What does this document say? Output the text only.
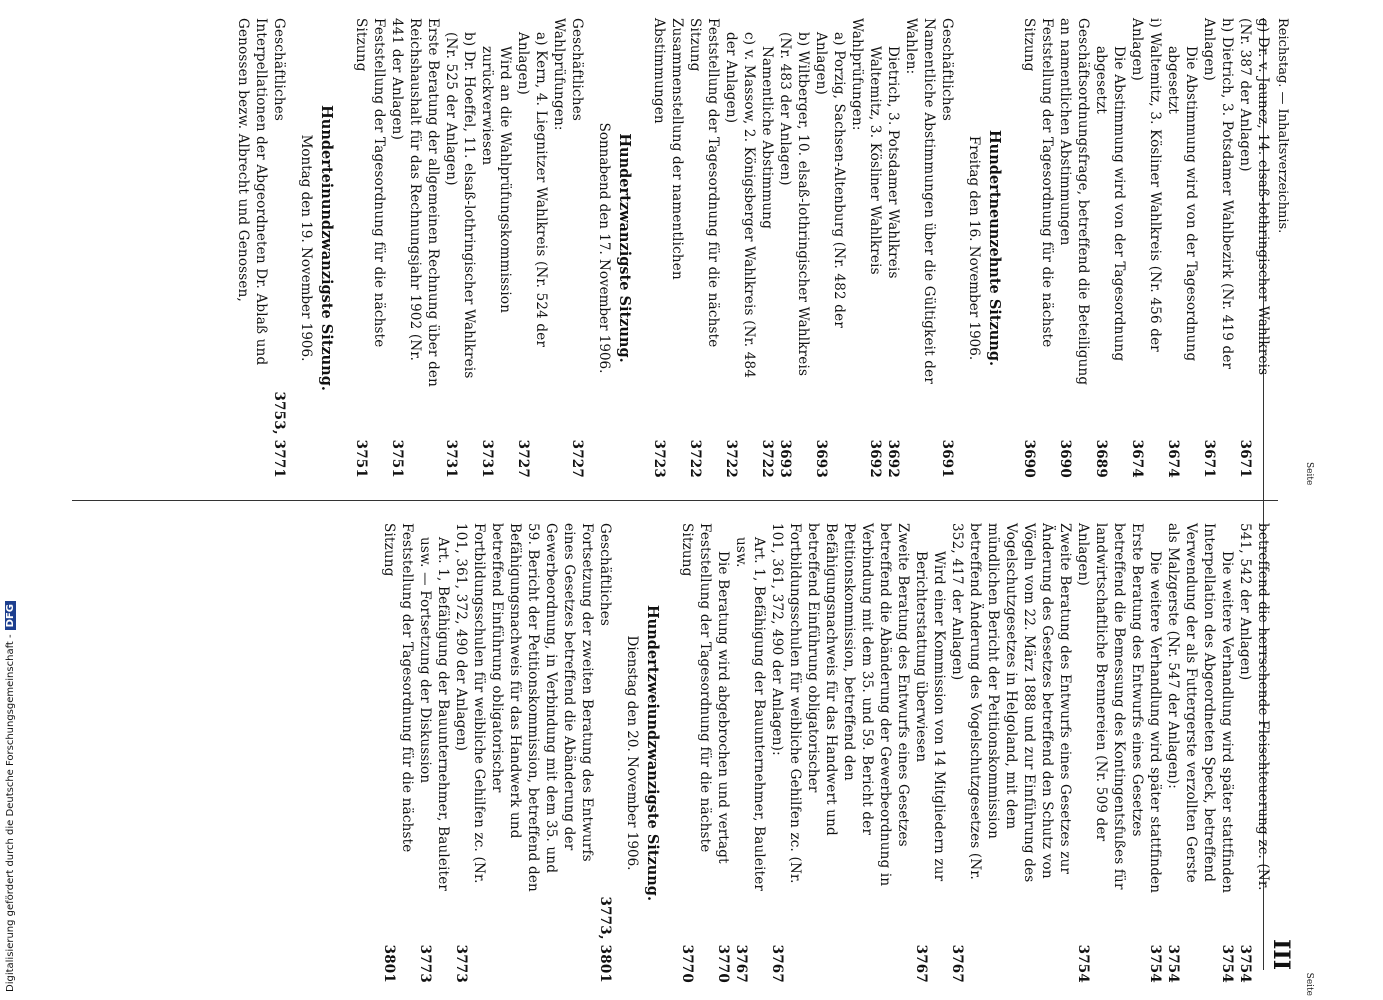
Reichstag. — Inhaltsverzeichnis.
III
Seite
Seite
g) Dr. v. Jaunez, 14. elsaß-lothringischer Wahlkreis (Nr. 387 der Anlagen)
3671
h) Dietrich, 3. Potsdamer Wahlbezirk (Nr. 419 der Anlagen)
3671
Die Abstimmung wird von der Tagesordnung abgesetzt
3674
i) Waltemitz, 3. Kösliner Wahlkreis (Nr. 456 der Anlagen)
3674
Die Abstimmung wird von der Tagesordnung abgesetzt
3689
Geschäftsordnungsfrage, betreffend die Beteiligung an namentlichen Abstimmungen
3690
Feststellung der Tagesordnung für die nächste Sitzung
3690
Hundertneunzehnte Sitzung.
Freitag den 16. November 1906.
Geschäftliches
3691
Namentliche Abstimmungen über die Gültigkeit der Wahlen:
Dietrich, 3. Potsdamer Wahlkreis
3692
Waltemitz, 3. Kösliner Wahlkreis
3692
Wahlprüfungen:
a) Porzig, Sachsen-Altenburg (Nr. 482 der Anlagen)
3693
b) Wiltberger, 10. elsaß-lothringischer Wahlkreis (Nr. 483 der Anlagen)
3693
Namentliche Abstimmung
3722
c) v. Massow, 2. Königsberger Wahlkreis (Nr. 484 der Anlagen)
3722
Feststellung der Tagesordnung für die nächste Sitzung
3722
Zusammenstellung der namentlichen Abstimmungen
3723
Hundertzwanzigste Sitzung.
Sonnabend den 17. November 1906.
Geschäftliches
3727
Wahlprüfungen:
a) Kern, 4. Liegnitzer Wahlkreis (Nr. 524 der Anlagen)
3727
Wird an die Wahlprüfungskommission zurückverwiesen
3731
b) Dr. Hoeffel, 11. elsaß-lothringischer Wahlkreis (Nr. 525 der Anlagen)
3731
Erste Beratung der allgemeinen Rechnung über den Reichshaushalt für das Rechnungsjahr 1902 (Nr. 441 der Anlagen)
3751
Feststellung der Tagesordnung für die nächste Sitzung
3751
Hunderteinundzwanzigste Sitzung.
Montag den 19. November 1906.
Geschäftliches
3753, 3771
Interpellationen der Abgeordneten Dr. Ablaß und Genossen bezw. Albrecht und Genossen,
betreffend die herrschende Fleischteuerung zc. (Nr. 541, 542 der Anlagen)
3754
Die weitere Verhandlung wird später stattfinden
3754
Interpellation des Abgeordneten Speck, betreffend Verwendung der als Futtergerste verzollten Gerste als Malzgerste (Nr. 547 der Anlagen):
3754
Die weitere Verhandlung wird später stattfinden
3754
Erste Beratung des Entwurfs eines Gesetzes betreffend die Bemessung des Kontingentsfußes für landwirtschaftliche Brennereien (Nr. 509 der Anlagen)
3754
Zweite Beratung des Entwurfs eines Gesetzes zur Änderung des Gesetzes betreffend den Schutz von Vögeln vom 22. März 1888 und zur Einführung des Vogelschutzgesetzes in Helgoland, mit dem mündlichen Bericht der Petitionskommission betreffend Änderung des Vogelschutzgesetzes (Nr. 352, 417 der Anlagen)
3767
Wird einer Kommission von 14 Mitgliedern zur Berichterstattung überwiesen
3767
Zweite Beratung des Entwurfs eines Gesetzes betreffend die Abänderung der Gewerbeordnung in Verbindung mit dem 35. und 59. Bericht der Petitionskommission, betreffend den Befähigungsnachweis für das Handwert und betreffend Einführung obligatorischer Fortbildungsschulen für weibliche Gehilfen zc. (Nr. 101, 361, 372, 490 der Anlagen):
3767
Art. 1, Befähigung der Bauunternehmer, Bauleiter usw.
3767
Die Beratung wird abgebrochen und vertagt
3770
Feststellung der Tagesordnung für die nächste Sitzung
3770
Hundertzweiundzwanzigste Sitzung.
Dienstag den 20. November 1906.
Geschäftliches
3773, 3801
Fortsetzung der zweiten Beratung des Entwurfs eines Gesetzes betreffend die Abänderung der Gewerbeordnung, in Verbindung mit dem 35. und 59. Bericht der Petitionskommission, betreffend den Befähigungsnachweis für das Handwerk und betreffend Einführung obligatorischer Fortbildungsschulen für weibliche Gehilfen zc. (Nr. 101, 361, 372, 490 der Anlagen)
3773
Art. 1, Befähigung der Bauunternehmer, Bauleiter usw. — Fortsetzung der Diskussion
3773
Feststellung der Tagesordnung für die nächste Sitzung
3801
Digitalisierung gefördert durch die Deutsche Forschungsgemeinschaft -DFG
